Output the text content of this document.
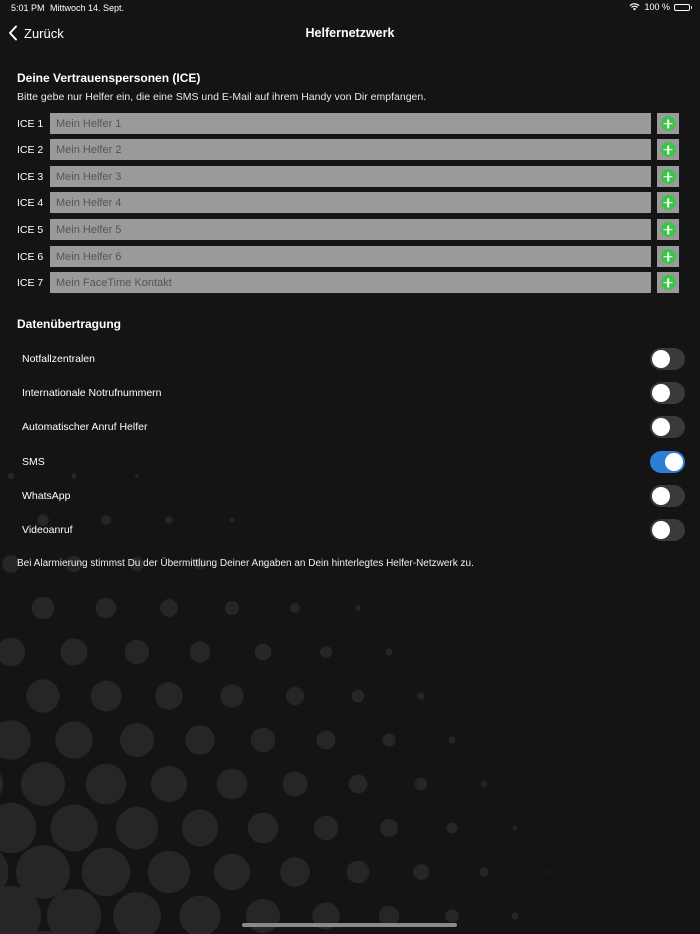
5:01 PM Mittwoch 14. Sept.	100 %
Helfernetzwerk
Zurück
Deine Vertrauenspersonen (ICE)
Bitte gebe nur Helfer ein, die eine SMS und E-Mail auf ihrem Handy von Dir empfangen.
ICE 1
Mein Helfer 1
ICE 2
Mein Helfer 2
ICE 3
Mein Helfer 3
ICE 4
Mein Helfer 4
ICE 5
Mein Helfer 5
ICE 6
Mein Helfer 6
ICE 7
Mein FaceTime Kontakt
Datenübertragung
Notfallzentralen
Internationale Notrufnummern
Automatischer Anruf Helfer
SMS
WhatsApp
Videoanruf
Bei Alarmierung stimmst Du der Übermittlung Deiner Angaben an Dein hinterlegtes Helfer-Netzwerk zu.
